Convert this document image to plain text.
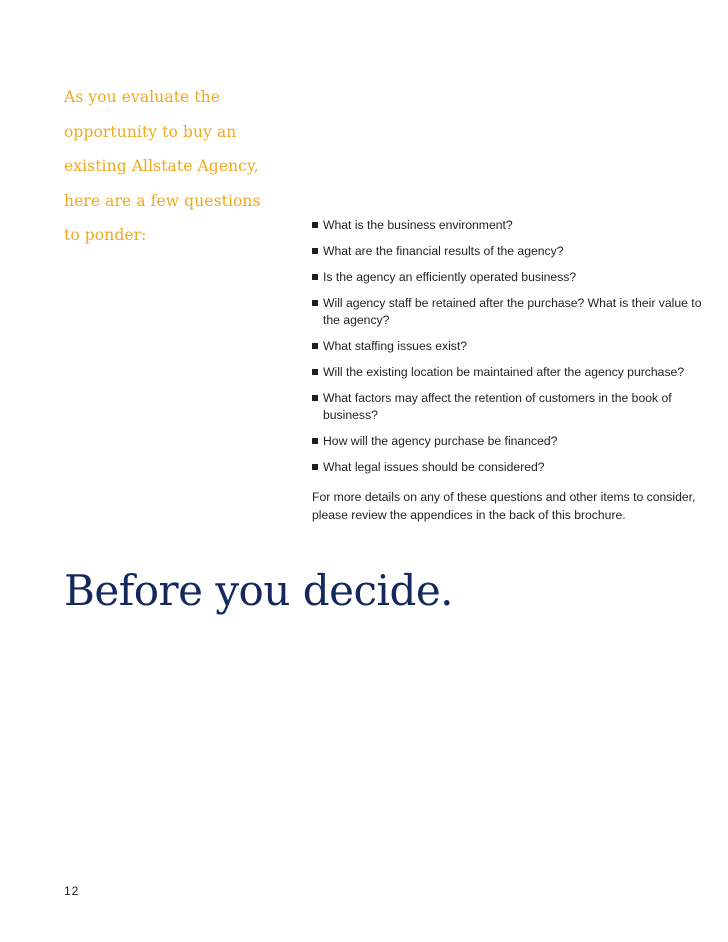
As you evaluate the
opportunity to buy an
existing Allstate Agency,
here are a few questions
to ponder:
What is the business environment?
What are the financial results of the agency?
Is the agency an efficiently operated business?
Will agency staff be retained after the purchase? What is their value to the agency?
What staffing issues exist?
Will the existing location be maintained after the agency purchase?
What factors may affect the retention of customers in the book of business?
How will the agency purchase be financed?
What legal issues should be considered?

For more details on any of these questions and other items to consider, please review the appendices in the back of this brochure.

Before you decide.
12
